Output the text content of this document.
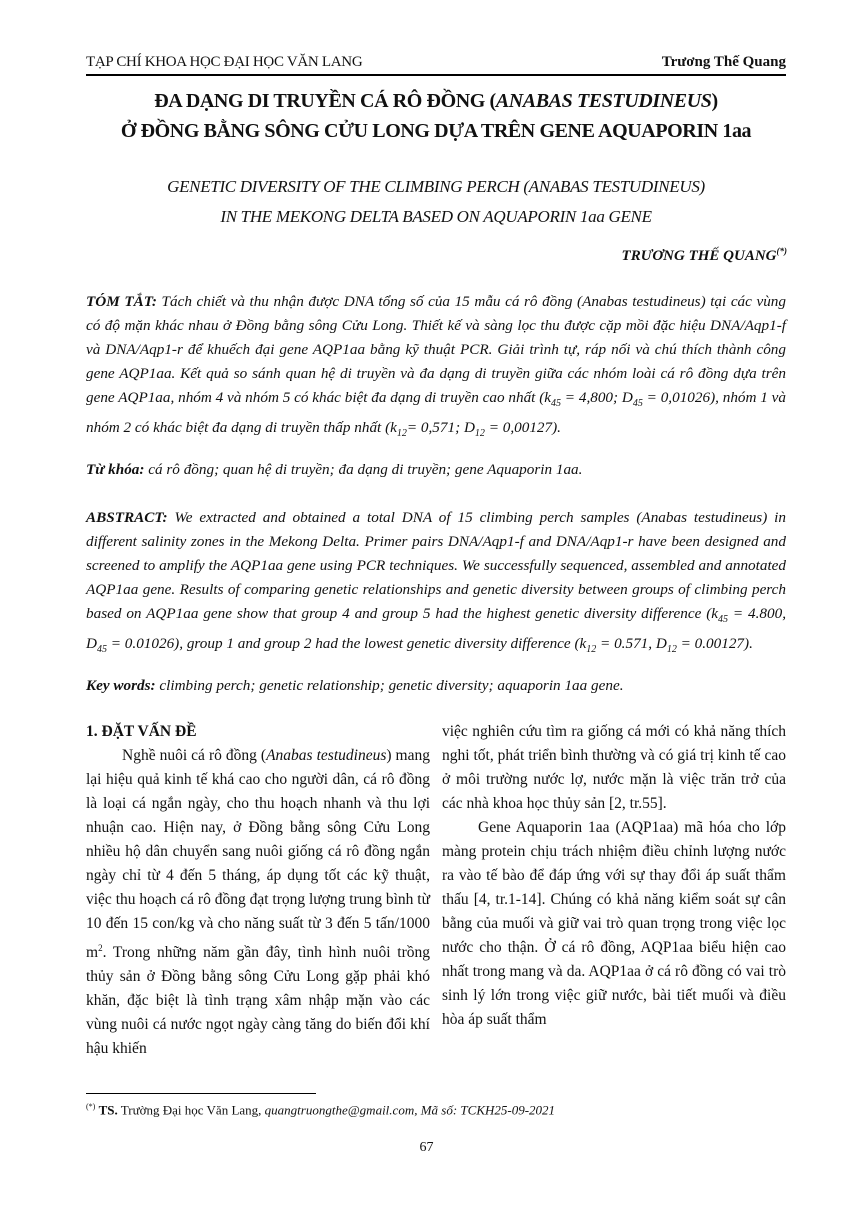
TẠP CHÍ KHOA HỌC ĐẠI HỌC VĂN LANG	Trương Thế Quang
ĐA DẠNG DI TRUYỀN CÁ RÔ ĐỒNG (ANABAS TESTUDINEUS)
Ở ĐỒNG BẰNG SÔNG CỬU LONG DỰA TRÊN GENE AQUAPORIN 1aa
GENETIC DIVERSITY OF THE CLIMBING PERCH (ANABAS TESTUDINEUS)
IN THE MEKONG DELTA BASED ON AQUAPORIN 1aa GENE
TRƯƠNG THẾ QUANG(*)
TÓM TẮT: Tách chiết và thu nhận được DNA tổng số của 15 mẫu cá rô đồng (Anabas testudineus) tại các vùng có độ mặn khác nhau ở Đồng bằng sông Cửu Long. Thiết kế và sàng lọc thu được cặp mồi đặc hiệu DNA/Aqp1-f và DNA/Aqp1-r để khuếch đại gene AQP1aa bằng kỹ thuật PCR. Giải trình tự, ráp nối và chú thích thành công gene AQP1aa. Kết quả so sánh quan hệ di truyền và đa dạng di truyền giữa các nhóm loài cá rô đồng dựa trên gene AQP1aa, nhóm 4 và nhóm 5 có khác biệt đa dạng di truyền cao nhất ($k_{45} = 4,800$; $D_{45} = 0,01026$), nhóm 1 và nhóm 2 có khác biệt đa dạng di truyền thấp nhất ($k_{12}= 0,571$; $D_{12} = 0,00127$).
Từ khóa: cá rô đồng; quan hệ di truyền; đa dạng di truyền; gene Aquaporin 1aa.
ABSTRACT: We extracted and obtained a total DNA of 15 climbing perch samples (Anabas testudineus) in different salinity zones in the Mekong Delta. Primer pairs DNA/Aqp1-f and DNA/Aqp1-r have been designed and screened to amplify the AQP1aa gene using PCR techniques. We successfully sequenced, assembled and annotated AQP1aa gene. Results of comparing genetic relationships and genetic diversity between groups of climbing perch based on AQP1aa gene show that group 4 and group 5 had the highest genetic diversity difference ($k_{45} = 4.800$, $D_{45} = 0.01026$), group 1 and group 2 had the lowest genetic diversity difference ($k_{12} = 0.571$, $D_{12} = 0.00127$).
Key words: climbing perch; genetic relationship; genetic diversity; aquaporin 1aa gene.

1. ĐẶT VẤN ĐỀ

Nghề nuôi cá rô đồng (Anabas testudineus) mang lại hiệu quả kinh tế khá cao cho người dân, cá rô đồng là loại cá ngắn ngày, cho thu hoạch nhanh và thu lợi nhuận cao. Hiện nay, ở Đồng bằng sông Cửu Long nhiều hộ dân chuyển sang nuôi giống cá rô đồng ngắn ngày chỉ từ 4 đến 5 tháng, áp dụng tốt các kỹ thuật, việc thu hoạch cá rô đồng đạt trọng lượng trung bình từ 10 đến 15 con/kg và cho năng suất từ 3 đến 5 tấn/1000 $m^2$. Trong những năm gần đây, tình hình nuôi trồng thủy sản ở Đồng bằng sông Cửu Long gặp phải khó khăn, đặc biệt là tình trạng xâm nhập mặn vào các vùng nuôi cá nước ngọt ngày càng tăng do biến đổi khí hậu khiến

việc nghiên cứu tìm ra giống cá mới có khả năng thích nghi tốt, phát triển bình thường và có giá trị kinh tế cao ở môi trường nước lợ, nước mặn là việc trăn trở của các nhà khoa học thủy sản [2, tr.55].

Gene Aquaporin 1aa (AQP1aa) mã hóa cho lớp màng protein chịu trách nhiệm điều chỉnh lượng nước ra vào tế bào để đáp ứng với sự thay đổi áp suất thẩm thấu [4, tr.1-14]. Chúng có khả năng kiểm soát sự cân bằng của muối và giữ vai trò quan trọng trong việc lọc nước cho thận. Ở cá rô đồng, AQP1aa biểu hiện cao nhất trong mang và da. AQP1aa ở cá rô đồng có vai trò sinh lý lớn trong việc giữ nước, bài tiết muối và điều hòa áp suất thẩm

(*) TS. Trường Đại học Văn Lang, quangtruongthe@gmail.com, Mã số: TCKH25-09-2021
67
